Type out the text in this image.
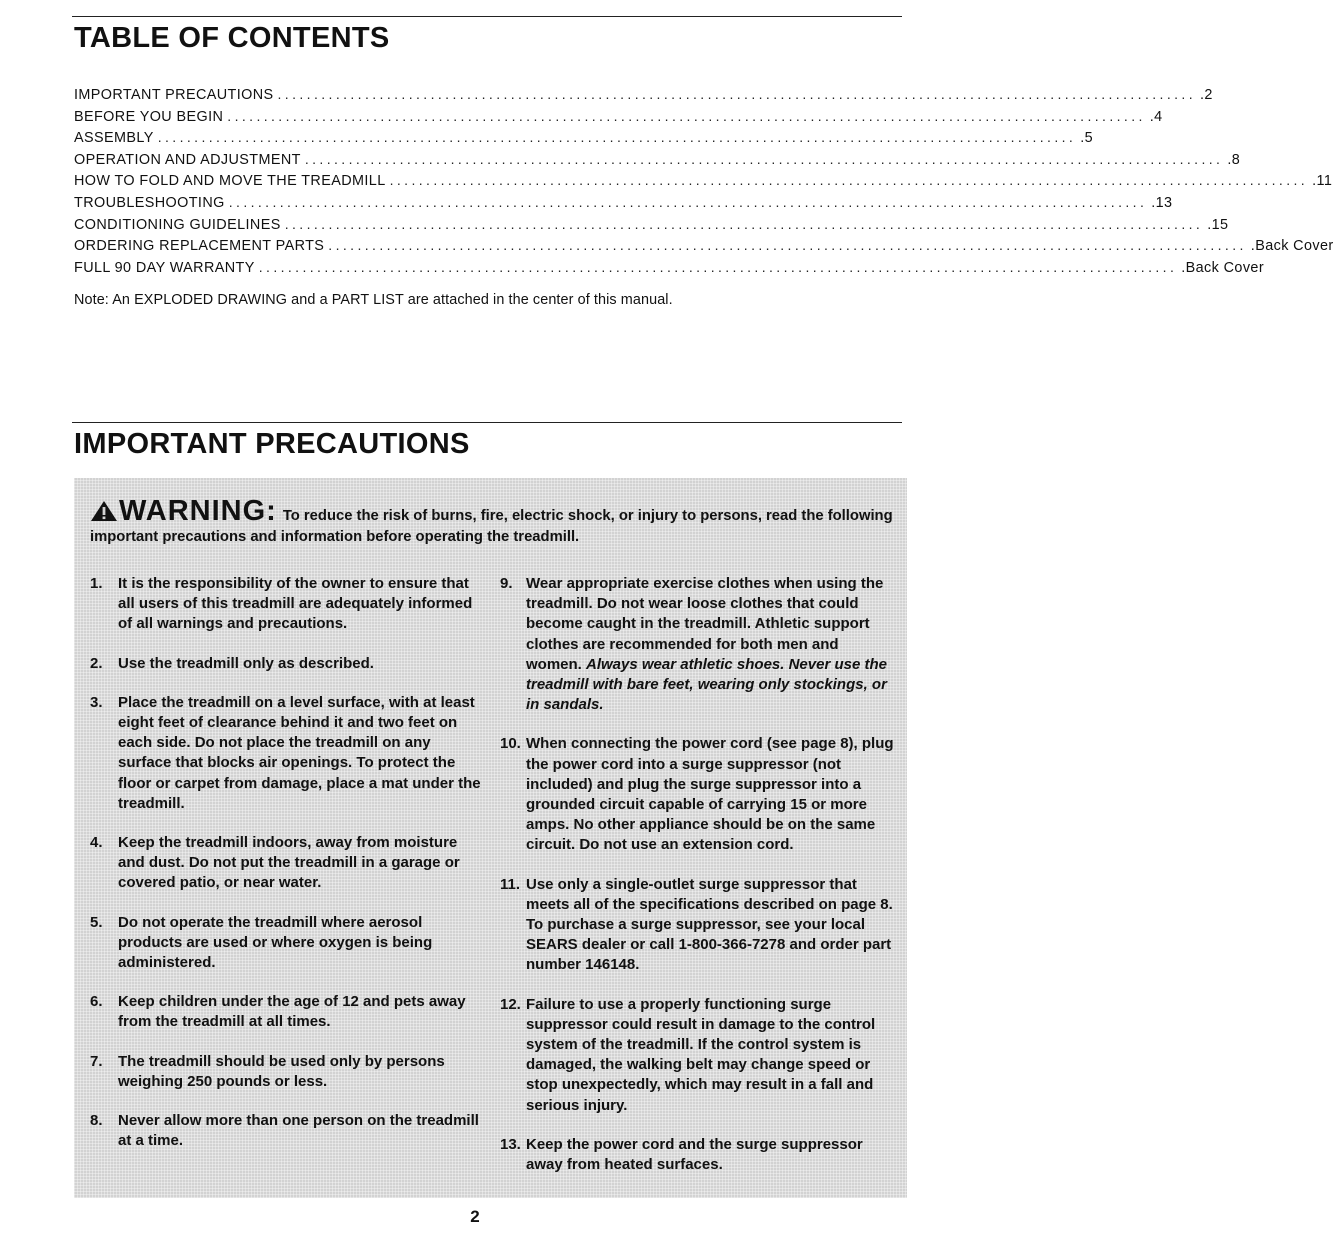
TABLE OF CONTENTS
IMPORTANT PRECAUTIONS .............................................................................................................................. .2
BEFORE YOU BEGIN .............................................................................................................................. .4
ASSEMBLY .............................................................................................................................. .5
OPERATION AND ADJUSTMENT .............................................................................................................................. .8
HOW TO FOLD AND MOVE THE TREADMILL .............................................................................................................................. .11
TROUBLESHOOTING .............................................................................................................................. .13
CONDITIONING GUIDELINES .............................................................................................................................. .15
ORDERING REPLACEMENT PARTS .............................................................................................................................. .Back Cover
FULL 90 DAY WARRANTY .............................................................................................................................. .Back Cover
Note: An EXPLODED DRAWING and a PART LIST are attached in the center of this manual.
IMPORTANT PRECAUTIONS
WARNING: To reduce the risk of burns, fire, electric shock, or injury to persons, read the following important precautions and information before operating the treadmill.
1.	It is the responsibility of the owner to ensure that all users of this treadmill are adequately informed of all warnings and precautions.
2.	Use the treadmill only as described.
3.	Place the treadmill on a level surface, with at least eight feet of clearance behind it and two feet on each side. Do not place the treadmill on any surface that blocks air openings. To protect the floor or carpet from damage, place a mat under the treadmill.
4.	Keep the treadmill indoors, away from moisture and dust. Do not put the treadmill in a garage or covered patio, or near water.
5.	Do not operate the treadmill where aerosol products are used or where oxygen is being administered.
6.	Keep children under the age of 12 and pets away from the treadmill at all times.
7.	The treadmill should be used only by persons weighing 250 pounds or less.
8.	Never allow more than one person on the treadmill at a time.
9. Wear appropriate exercise clothes when using the treadmill. Do not wear loose clothes that could become caught in the treadmill. Athletic support clothes are recommended for both men and women. Always wear athletic shoes. Never use the treadmill with bare feet, wearing only stockings, or in sandals.
10. When connecting the power cord (see page 8), plug the power cord into a surge suppressor (not included) and plug the surge suppressor into a grounded circuit capable of carrying 15 or more amps. No other appliance should be on the same circuit. Do not use an extension cord.
11. Use only a single-outlet surge suppressor that meets all of the specifications described on page 8. To purchase a surge suppressor, see your local SEARS dealer or call 1-800-366-7278 and order part number 146148.
12. Failure to use a properly functioning surge suppressor could result in damage to the control system of the treadmill. If the control system is damaged, the walking belt may change speed or stop unexpectedly, which may result in a fall and serious injury.
13. Keep the power cord and the surge suppressor away from heated surfaces.
2
